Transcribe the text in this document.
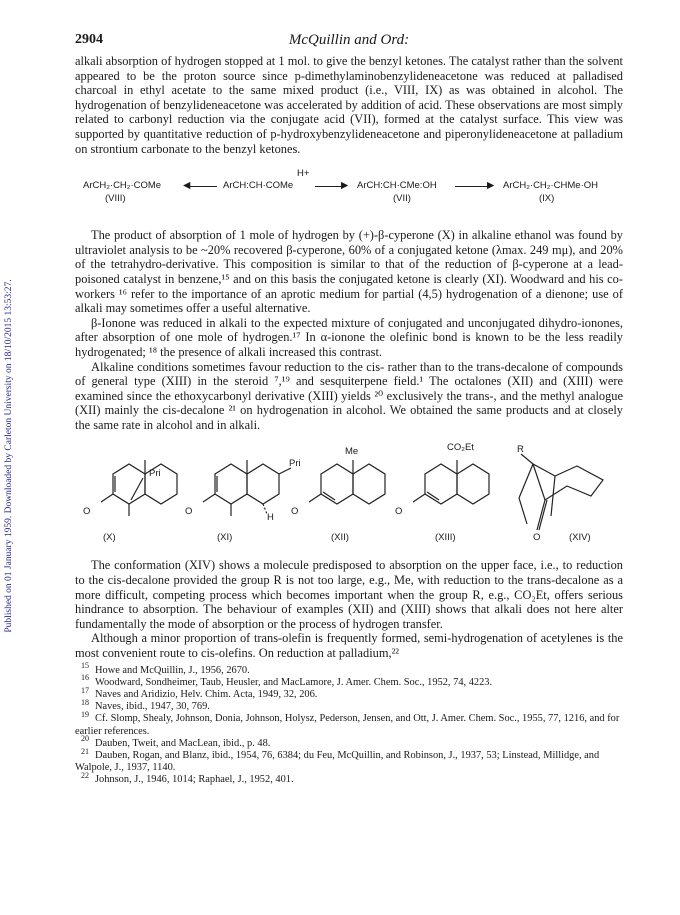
Published on 01 January 1959. Downloaded by Carleton University on 18/10/2015 13:53:27.
2904	McQuillin and Ord:

alkali absorption of hydrogen stopped at 1 mol. to give the benzyl ketones. The catalyst rather than the solvent appeared to be the proton source since p-dimethylaminobenzylideneacetone was reduced at palladised charcoal in ethyl acetate to the same mixed product (i.e., VIII, IX) as was obtained in alcohol. The hydrogenation of benzylideneacetone was accelerated by addition of acid. These observations are most simply related to carbonyl reduction via the conjugate acid (VII), formed at the catalyst surface. This view was supported by quantitative reduction of p-hydroxybenzylideneacetone and piperonylideneacetone at palladium on strontium carbonate to the benzyl ketones.

H+
ArCH₂·CH₂·COMe
(VIII)
◀	ArCH:CH·COMe	▶ ArCH:CH·CMe:OH
(VII)
▶ ArCH₂·CH₂·CHMe·OH
(IX)

The product of absorption of 1 mole of hydrogen by (+)-β-cyperone (X) in alkaline ethanol was found by ultraviolet analysis to be ~20% recovered β-cyperone, 60% of a conjugated ketone (λmax. 249 mμ), and 20% of the tetrahydro-derivative. This composition is similar to that of the reduction of β-cyperone at a lead-poisoned catalyst in benzene,¹⁵ and on this basis the conjugated ketone is clearly (XI). Woodward and his co-workers ¹⁶ refer to the importance of an aprotic medium for partial (4,5) hydrogenation of a dienone; use of alkali may sometimes offer a useful alternative.

β-Ionone was reduced in alkali to the expected mixture of conjugated and unconjugated dihydro-ionones, after absorption of one mole of hydrogen.¹⁷ In α-ionone the olefinic bond is known to be the less readily hydrogenated; ¹⁸ the presence of alkali increased this contrast.

Alkaline conditions sometimes favour reduction to the cis- rather than to the trans-decalone of compounds of general type (XIII) in the steroid ⁷,¹⁹ and sesquiterpene field.¹ The octalones (XII) and (XIII) were examined since the ethoxycarbonyl derivative (XIII) yields ²⁰ exclusively the trans-, and the methyl analogue (XII) mainly the cis-decalone ²¹ on hydrogenation in alcohol. We obtained the same products and at closely the same rate in alcohol and in alkali.

O
Pri
O
Pri
H
Me
O
CO₂Et
O
R
O
(X)	(XI)	(XII)	(XIII)	(XIV)

The conformation (XIV) shows a molecule predisposed to absorption on the upper face, i.e., to reduction to the cis-decalone provided the group R is not too large, e.g., Me, with reduction to the trans-decalone as a more difficult, competing process which becomes important when the group R, e.g., CO₂Et, offers serious hindrance to absorption. The behaviour of examples (XII) and (XIII) shows that alkali does not here alter fundamentally the mode of absorption or the process of hydrogen transfer.

Although a minor proportion of trans-olefin is frequently formed, semi-hydrogenation of acetylenes is the most convenient route to cis-olefins. On reduction at palladium,²²

15 Howe and McQuillin, J., 1956, 2670.
16 Woodward, Sondheimer, Taub, Heusler, and MacLamore, J. Amer. Chem. Soc., 1952, 74, 4223.
17 Naves and Aridizio, Helv. Chim. Acta, 1949, 32, 206.
18 Naves, ibid., 1947, 30, 769.
19 Cf. Slomp, Shealy, Johnson, Donia, Johnson, Holysz, Pederson, Jensen, and Ott, J. Amer. Chem. Soc., 1955, 77, 1216, and for earlier references.
20 Dauben, Tweit, and MacLean, ibid., p. 48.
21 Dauben, Rogan, and Blanz, ibid., 1954, 76, 6384; du Feu, McQuillin, and Robinson, J., 1937, 53; Linstead, Millidge, and Walpole, J., 1937, 1140.
22 Johnson, J., 1946, 1014; Raphael, J., 1952, 401.
